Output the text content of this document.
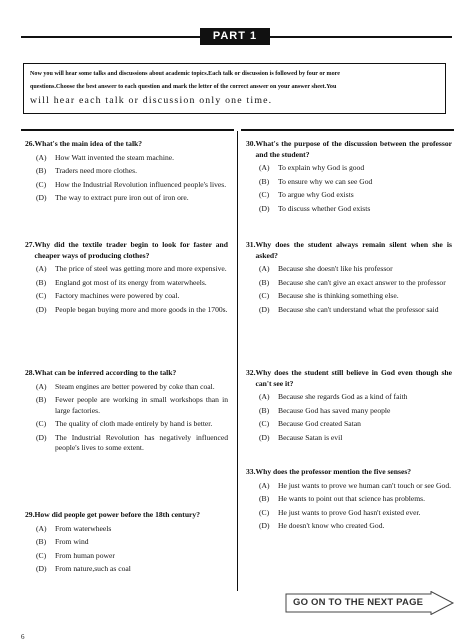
PART 1
Now you will hear some talks and discussions about academic topics.Each talk or discussion is followed by four or more
questions.Choose the best answer to each question and mark the letter of the correct answer on your answer sheet.You
will hear each talk or discussion only one time.
26. What's the main idea of the talk?
(A)	How Watt invented the steam machine.
(B)	Traders need more clothes.
(C)	How the Industrial Revolution influenced people's lives.
(D)	The way to extract pure iron out of iron ore.
27. Why did the textile trader begin to look for faster and cheaper ways of producing clothes?
(A)	The price of steel was getting more and more expensive.
(B)	England got most of its energy from waterwheels.
(C)	Factory machines were powered by coal.
(D)	People began buying more and more goods in the 1700s.
28. What can be inferred according to the talk?
(A)	Steam engines are better powered by coke than coal.
(B)	Fewer people are working in small workshops than in large factories.
(C)	The quality of cloth made entirely by hand is better.
(D)	The Industrial Revolution has negatively influenced people's lives to some extent.
29. How did people get power before the 18th century?
(A)	From waterwheels
(B)	From wind
(C)	From human power
(D)	From nature,such as coal
30. What's the purpose of the discussion between the professor and the student?
(A)	To explain why God is good
(B)	To ensure why we can see God
(C)	To argue why God exists
(D)	To discuss whether God exists
31. Why does the student always remain silent when she is asked?
(A)	Because she doesn't like his professor
(B)	Because she can't give an exact answer to the professor
(C)	Because she is thinking something else.
(D)	Because she can't understand what the professor said
32. Why does the student still believe in God even though she can't see it?
(A)	Because she regards God as a kind of faith
(B)	Because God has saved many people
(C)	Because God created Satan
(D)	Because Satan is evil
33. Why does the professor mention the five senses?
(A)	He just wants to prove we human can't touch or see God.
(B)	He wants to point out that science has problems.
(C)	He just wants to prove God hasn't existed ever.
(D)	He doesn't know who created God.
GO ON TO THE NEXT PAGE
6
